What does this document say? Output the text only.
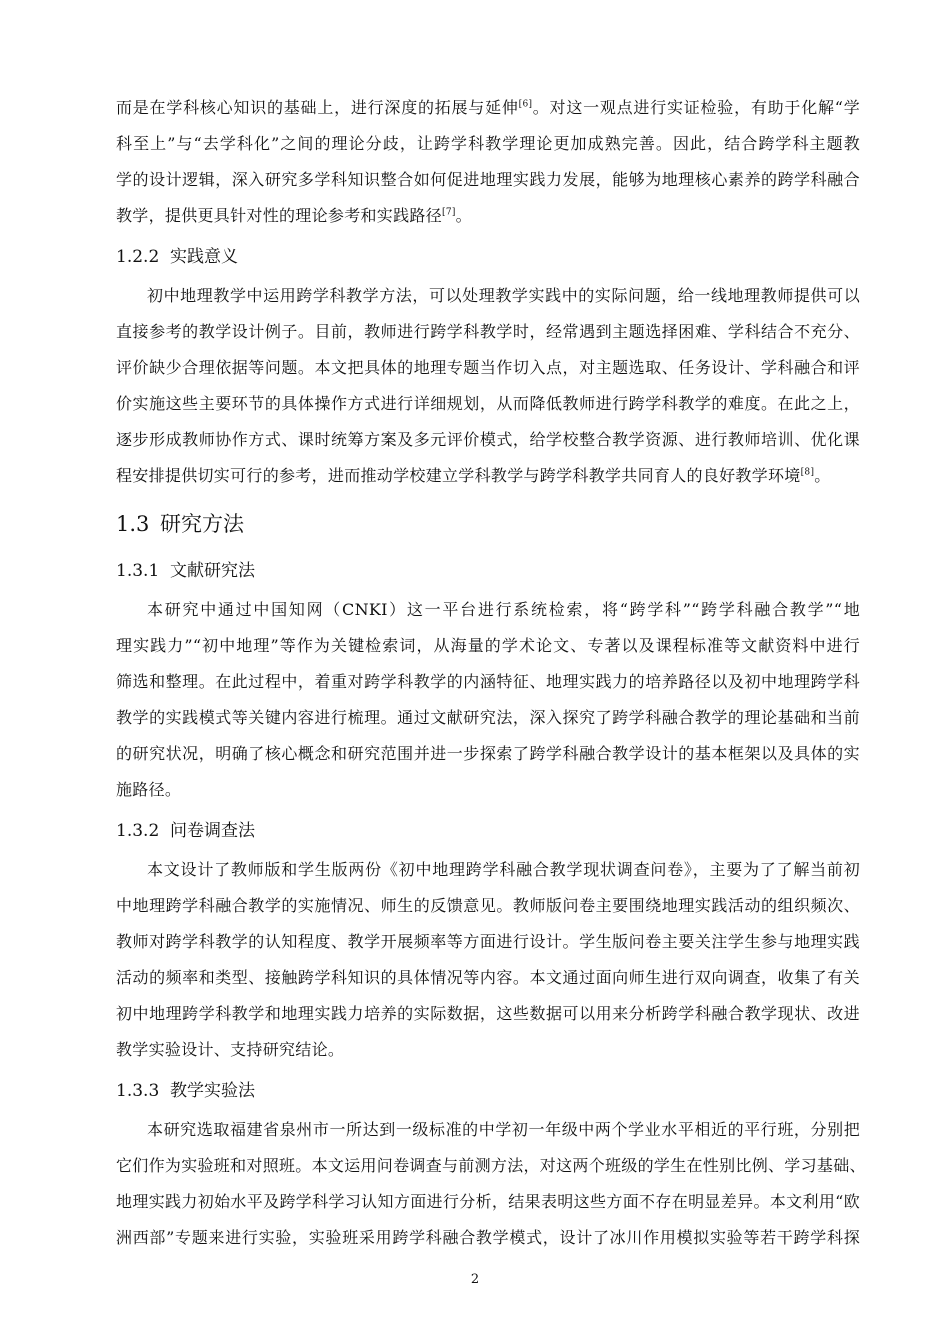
而是在学科核心知识的基础上，进行深度的拓展与延伸[6]。对这一观点进行实证检验，有助于化解“学
科至上”与“去学科化”之间的理论分歧，让跨学科教学理论更加成熟完善。因此，结合跨学科主题教
学的设计逻辑，深入研究多学科知识整合如何促进地理实践力发展，能够为地理核心素养的跨学科融合
教学，提供更具针对性的理论参考和实践路径[7]。
1.2.2 实践意义
初中地理教学中运用跨学科教学方法，可以处理教学实践中的实际问题，给一线地理教师提供可以
直接参考的教学设计例子。目前，教师进行跨学科教学时，经常遇到主题选择困难、学科结合不充分、
评价缺少合理依据等问题。本文把具体的地理专题当作切入点，对主题选取、任务设计、学科融合和评
价实施这些主要环节的具体操作方式进行详细规划，从而降低教师进行跨学科教学的难度。在此之上，
逐步形成教师协作方式、课时统筹方案及多元评价模式，给学校整合教学资源、进行教师培训、优化课
程安排提供切实可行的参考，进而推动学校建立学科教学与跨学科教学共同育人的良好教学环境[8]。
1.3 研究方法
1.3.1 文献研究法
本研究中通过中国知网（CNKI）这一平台进行系统检索，将“跨学科”“跨学科融合教学”“地
理实践力”“初中地理”等作为关键检索词，从海量的学术论文、专著以及课程标准等文献资料中进行
筛选和整理。在此过程中，着重对跨学科教学的内涵特征、地理实践力的培养路径以及初中地理跨学科
教学的实践模式等关键内容进行梳理。通过文献研究法，深入探究了跨学科融合教学的理论基础和当前
的研究状况，明确了核心概念和研究范围并进一步探索了跨学科融合教学设计的基本框架以及具体的实
施路径。
1.3.2 问卷调查法
本文设计了教师版和学生版两份《初中地理跨学科融合教学现状调查问卷》，主要为了了解当前初
中地理跨学科融合教学的实施情况、师生的反馈意见。教师版问卷主要围绕地理实践活动的组织频次、
教师对跨学科教学的认知程度、教学开展频率等方面进行设计。学生版问卷主要关注学生参与地理实践
活动的频率和类型、接触跨学科知识的具体情况等内容。本文通过面向师生进行双向调查，收集了有关
初中地理跨学科教学和地理实践力培养的实际数据，这些数据可以用来分析跨学科融合教学现状、改进
教学实验设计、支持研究结论。
1.3.3 教学实验法
本研究选取福建省泉州市一所达到一级标准的中学初一年级中两个学业水平相近的平行班，分别把
它们作为实验班和对照班。本文运用问卷调查与前测方法，对这两个班级的学生在性别比例、学习基础、
地理实践力初始水平及跨学科学习认知方面进行分析，结果表明这些方面不存在明显差异。本文利用“欧
洲西部”专题来进行实验，实验班采用跨学科融合教学模式，设计了冰川作用模拟实验等若干跨学科探
2
